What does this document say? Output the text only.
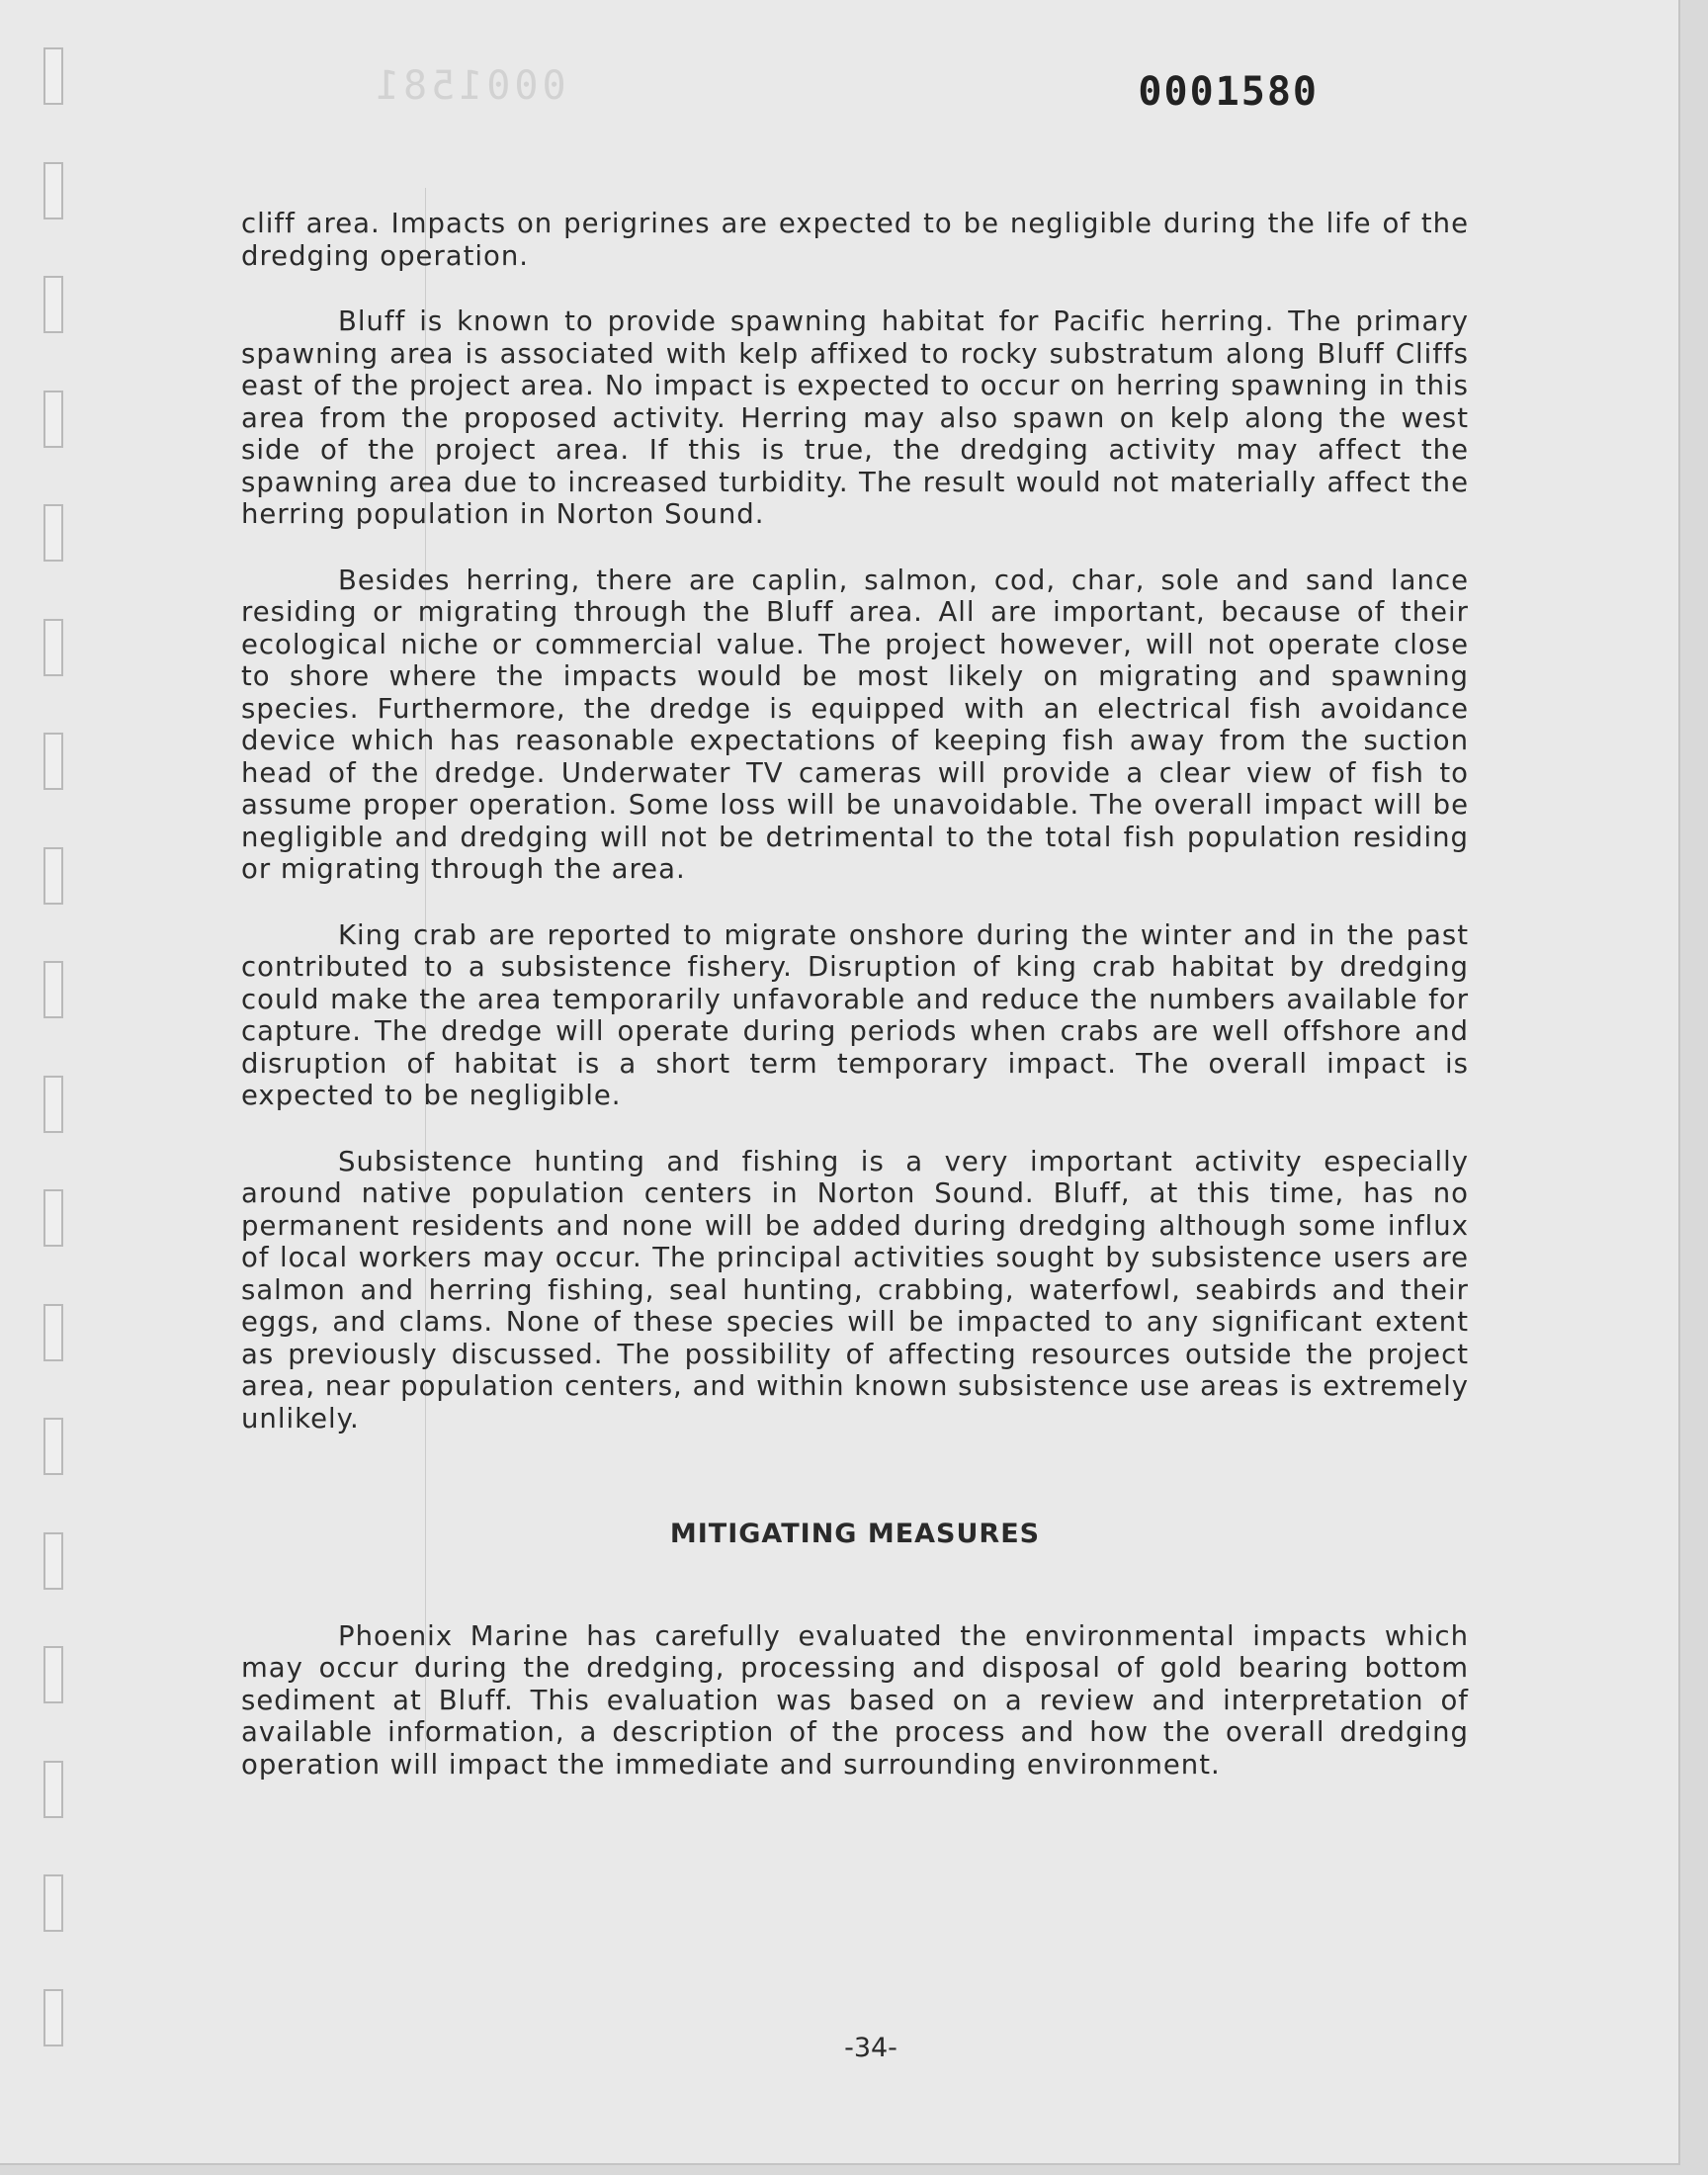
0001581	0001580

cliff area. Impacts on perigrines are expected to be negligible during the life of the dredging operation.

Bluff is known to provide spawning habitat for Pacific herring. The primary spawning area is associated with kelp affixed to rocky substratum along Bluff Cliffs east of the project area. No impact is expected to occur on herring spawning in this area from the proposed activity. Herring may also spawn on kelp along the west side of the project area. If this is true, the dredging activity may affect the spawning area due to increased turbidity. The result would not materially affect the herring population in Norton Sound.

Besides herring, there are caplin, salmon, cod, char, sole and sand lance residing or migrating through the Bluff area. All are important, because of their ecological niche or commercial value. The project however, will not operate close to shore where the impacts would be most likely on migrating and spawning species. Furthermore, the dredge is equipped with an electrical fish avoidance device which has reasonable expectations of keeping fish away from the suction head of the dredge. Underwater TV cameras will provide a clear view of fish to assume proper operation. Some loss will be unavoidable. The overall impact will be negligible and dredging will not be detrimental to the total fish population residing or migrating through the area.

King crab are reported to migrate onshore during the winter and in the past contributed to a subsistence fishery. Disruption of king crab habitat by dredging could make the area temporarily unfavorable and reduce the numbers available for capture. The dredge will operate during periods when crabs are well offshore and disruption of habitat is a short term temporary impact. The overall impact is expected to be negligible.

Subsistence hunting and fishing is a very important activity especially around native population centers in Norton Sound. Bluff, at this time, has no permanent residents and none will be added during dredging although some influx of local workers may occur. The principal activities sought by subsistence users are salmon and herring fishing, seal hunting, crabbing, waterfowl, seabirds and their eggs, and clams. None of these species will be impacted to any significant extent as previously discussed. The possibility of affecting resources outside the project area, near population centers, and within known subsistence use areas is extremely unlikely.

MITIGATING MEASURES

Phoenix Marine has carefully evaluated the environmental impacts which may occur during the dredging, processing and disposal of gold bearing bottom sediment at Bluff. This evaluation was based on a review and interpretation of available information, a description of the process and how the overall dredging operation will impact the immediate and surrounding environment.

-34-
